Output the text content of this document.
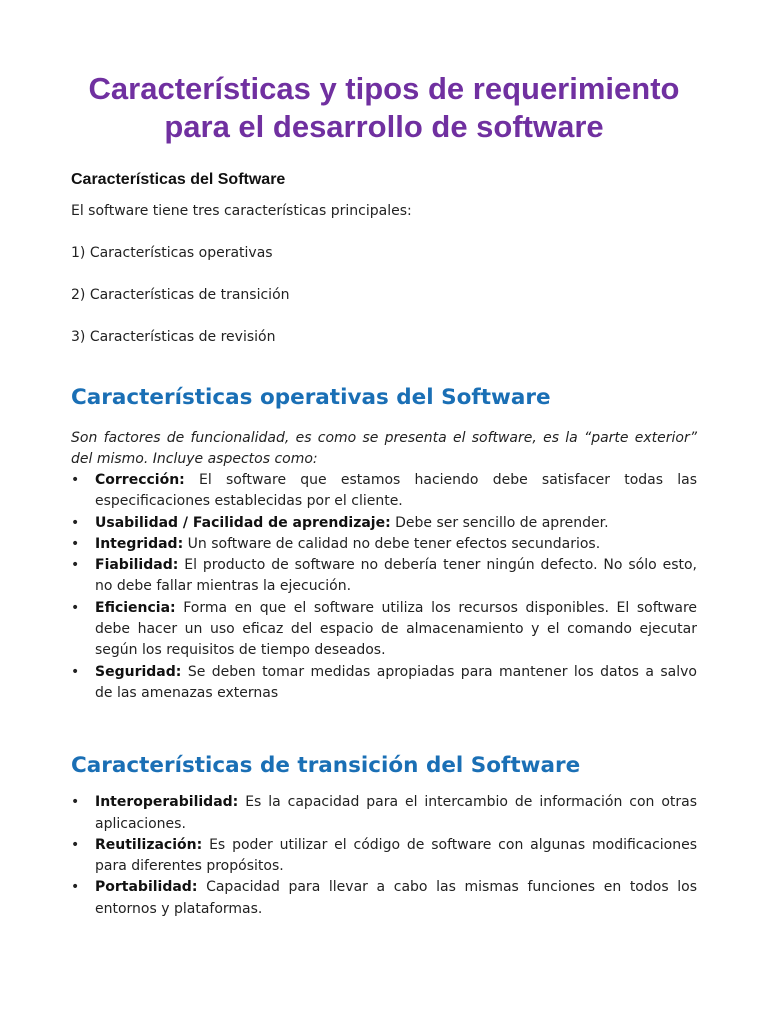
Características y tipos de requerimiento
para el desarrollo de software
Características del Software

El software tiene tres características principales:

1) Características operativas

2) Características de transición

3) Características de revisión

Características operativas del Software

Son factores de funcionalidad, es como se presenta el software, es la “parte exterior” del mismo. Incluye aspectos como:

• Corrección: El software que estamos haciendo debe satisfacer todas las especificaciones establecidas por el cliente.
• Usabilidad / Facilidad de aprendizaje: Debe ser sencillo de aprender.
• Integridad: Un software de calidad no debe tener efectos secundarios.
• Fiabilidad: El producto de software no debería tener ningún defecto. No sólo esto, no debe fallar mientras la ejecución.
• Eficiencia: Forma en que el software utiliza los recursos disponibles. El software debe hacer un uso eficaz del espacio de almacenamiento y el comando ejecutar según los requisitos de tiempo deseados.
• Seguridad: Se deben tomar medidas apropiadas para mantener los datos a salvo de las amenazas externas
Características de transición del Software
• Interoperabilidad: Es la capacidad para el intercambio de información con otras aplicaciones.
• Reutilización: Es poder utilizar el código de software con algunas modificaciones para diferentes propósitos.
• Portabilidad: Capacidad para llevar a cabo las mismas funciones en todos los entornos y plataformas.
